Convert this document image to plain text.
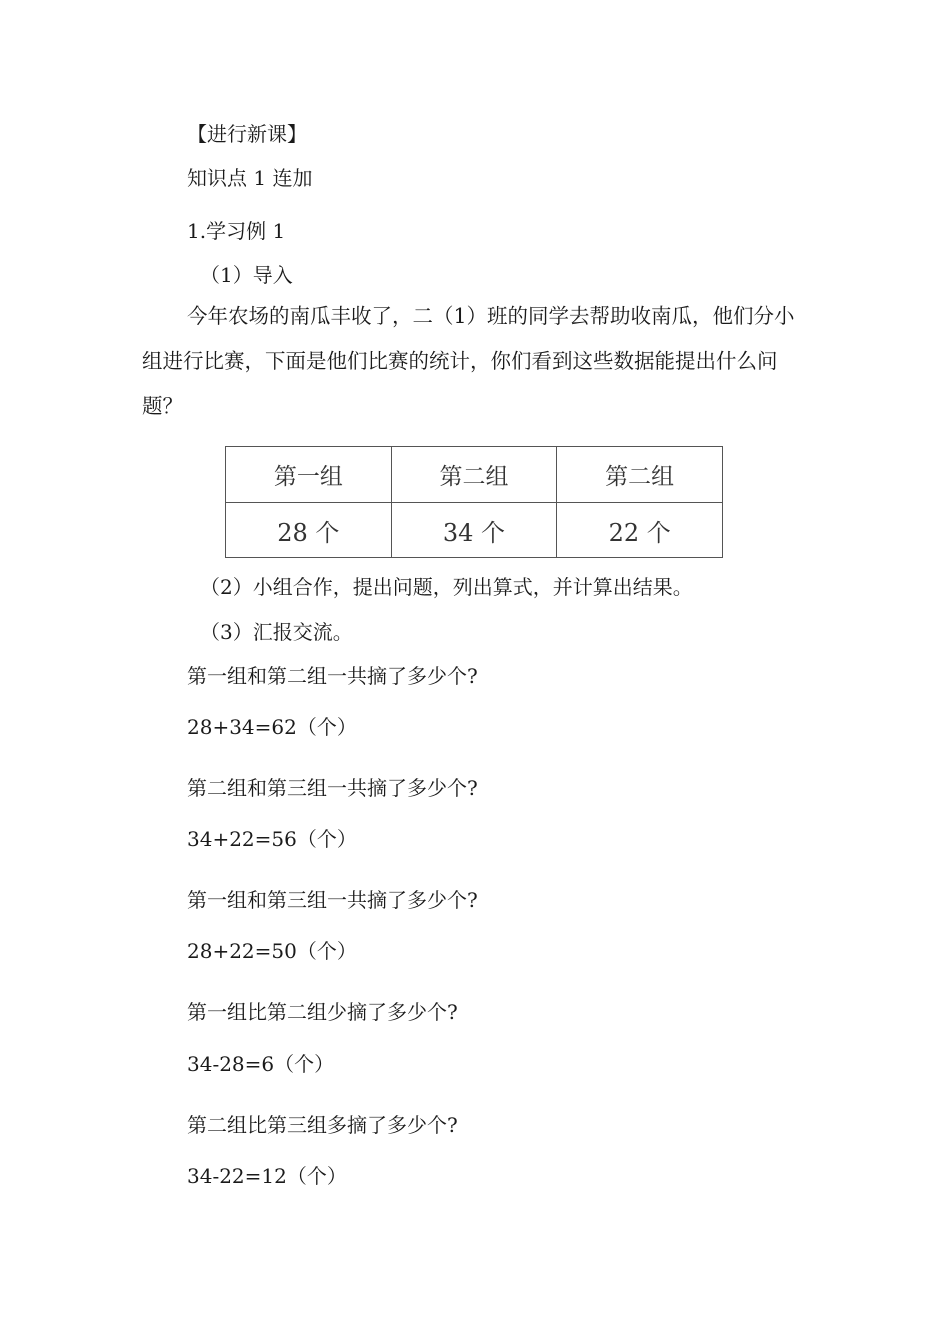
【进行新课】
知识点 1 连加
1.学习例 1
（1）导入

今年农场的南瓜丰收了，二（1）班的同学去帮助收南瓜，他们分小组进行比赛，下面是他们比赛的统计，你们看到这些数据能提出什么问题？

第一组	第二组	第二组
28 个	34 个	22 个
（2）小组合作，提出问题，列出算式，并计算出结果。
（3）汇报交流。
第一组和第二组一共摘了多少个?
28+34=62（个）
第二组和第三组一共摘了多少个?
34+22=56（个）
第一组和第三组一共摘了多少个?
28+22=50（个）
第一组比第二组少摘了多少个?
34-28=6（个）
第二组比第三组多摘了多少个?
34-22=12（个）
